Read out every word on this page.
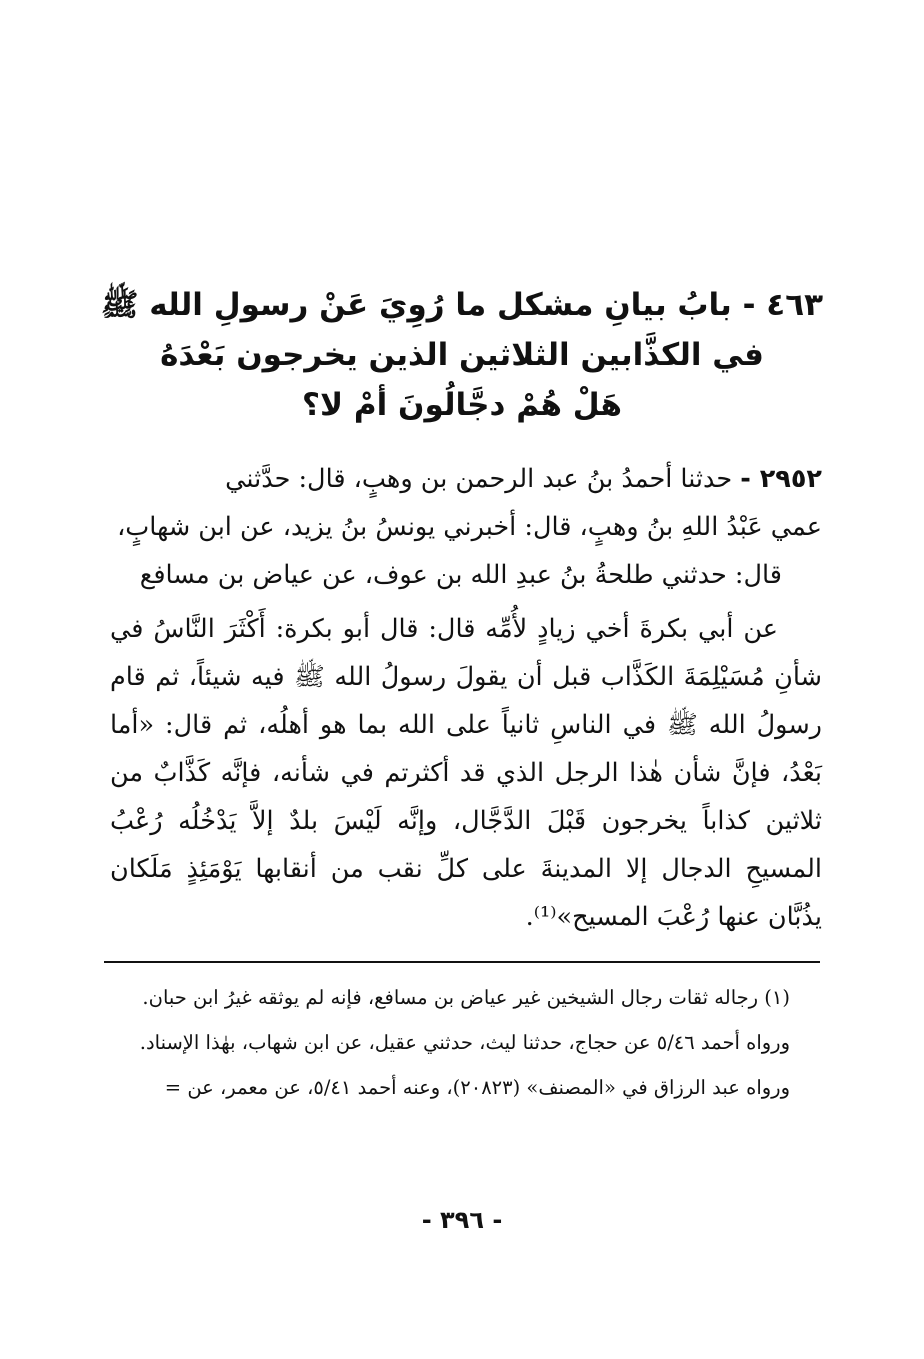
٤٦٣ - بابُ بيانِ مشكل ما رُوِيَ عَنْ رسولِ الله ﷺ
في الكذَّابين الثلاثين الذين يخرجون بَعْدَهُ
هَلْ هُمْ دجَّالُونَ أمْ لا؟

٢٩٥٢ - حدثنا أحمدُ بنُ عبد الرحمن بن وهبٍ، قال: حدَّثني

عمي عَبْدُ اللهِ بنُ وهبٍ، قال: أخبرني يونسُ بنُ يزيد، عن ابن شهابٍ،

قال: حدثني طلحةُ بنُ عبدِ الله بن عوف، عن عياض بن مسافع

عن أبي بكرةَ أخي زيادٍ لأُمِّه قال: قال أبو بكرة: أَكْثَرَ النَّاسُ في شأنِ مُسَيْلِمَةَ الكَذَّاب قبل أن يقولَ رسولُ الله ﷺ فيه شيئاً، ثم قام رسولُ الله ﷺ في الناسِ ثانياً على الله بما هو أهلُه، ثم قال: «أما بَعْدُ، فإنَّ شأن هٰذا الرجل الذي قد أكثرتم في شأنه، فإنَّه كَذَّابٌ من ثلاثين كذاباً يخرجون قَبْلَ الدَّجَّال، وإنَّه لَيْسَ بلدٌ إلاَّ يَدْخُلُه رُعْبُ المسيحِ الدجال إلا المدينةَ على كلِّ نقب من أنقابها يَوْمَئِذٍ مَلَكان يذُبَّان عنها رُعْبَ المسيح»⁽¹⁾.

(١) رجاله ثقات رجال الشيخين غير عياض بن مسافع، فإنه لم يوثقه غيرُ ابن حبان.

ورواه أحمد ٥/٤٦ عن حجاج، حدثنا ليث، حدثني عقيل، عن ابن شهاب، بهٰذا الإسناد.

ورواه عبد الرزاق في «المصنف» (٢٠٨٢٣)، وعنه أحمد ٥/٤١، عن معمر، عن =

- ٣٩٦ -
